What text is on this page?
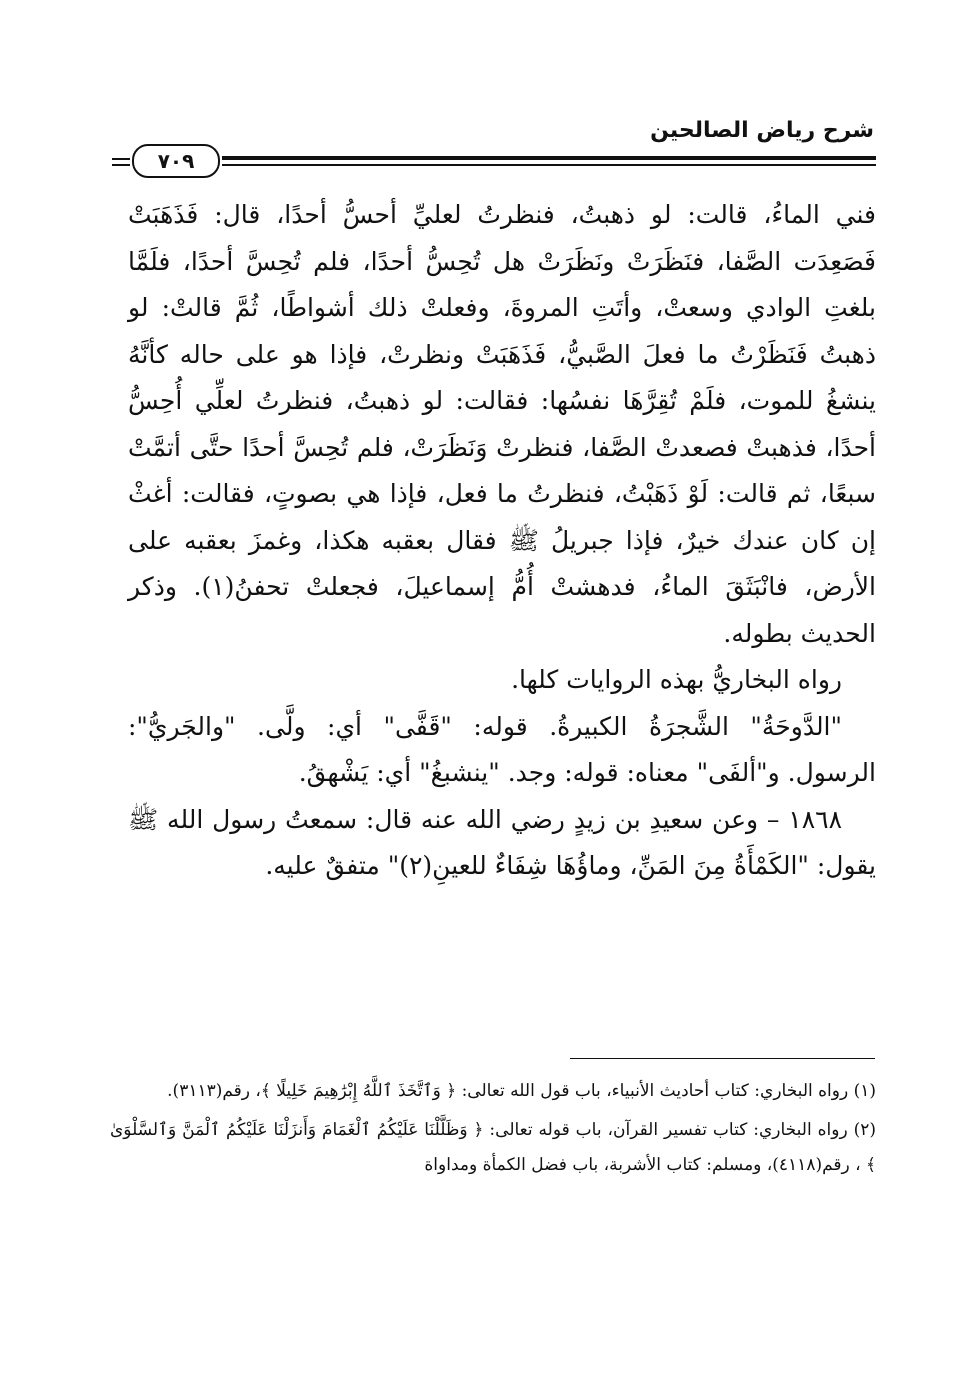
شرح رياض الصالحين
٧٠٩

فني الماءُ، قالت: لو ذهبتُ، فنظرتُ لعليِّ أحسُّ أحدًا، قال: فَذَهَبَتْ فَصَعِدَت الصَّفا، فنَظَرَتْ ونَظَرَتْ هل تُحِسُّ أحدًا، فلم تُحِسَّ أحدًا، فلَمَّا بلغتِ الوادي وسعتْ، وأتَتِ المروةَ، وفعلتْ ذلك أشواطًا، ثُمَّ قالتْ: لو ذهبتُ فَنَظَرْتُ ما فعلَ الصَّبيُّ، فَذَهَبَتْ ونظرتْ، فإذا هو على حاله كأنَّهُ ينشغُ للموت، فلَمْ تُقِرَّهَا نفسُها: فقالت: لو ذهبتُ، فنظرتُ لعلِّي أُحِسُّ أحدًا، فذهبتْ فصعدتْ الصَّفا، فنظرتْ وَنَظَرَتْ، فلم تُحِسَّ أحدًا حتَّى أتمَّتْ سبعًا، ثم قالت: لَوْ ذَهَبْتُ، فنظرتُ ما فعل، فإذا هي بصوتٍ، فقالت: أغثْ إن كان عندك خيرٌ، فإذا جبريلُ ﷺ فقال بعقبه هكذا، وغمزَ بعقبه على الأرض، فانْبَثَقَ الماءُ، فدهشتْ أُمُّ إسماعيلَ، فجعلتْ تحفنُ(١). وذكر الحديث بطوله.

رواه البخاريُّ بهذه الروايات كلها.

"الدَّوحَةُ" الشَّجرَةُ الكبيرةُ. قوله: "قَفَّى" أي: ولَّى. "والجَريُّ": الرسول. و"ألفَى" معناه: قوله: وجد. "ينشبغُ" أي: يَشْهقُ.

١٨٦٨ – وعن سعيدِ بن زيدٍ رضي الله عنه قال: سمعتُ رسول الله ﷺ يقول: "الكَمْأَةُ مِنَ المَنِّ، وماؤُهَا شِفَاءٌ للعينِ(٢)" متفقٌ عليه.

(١) رواه البخاري: كتاب أحاديث الأنبياء، باب قول الله تعالى: ﴿ وَٱتَّخَذَ ٱللَّهُ إِبْرَٰهِيمَ خَلِيلًا ﴾، رقم(٣١١٣).

(٢) رواه البخاري: كتاب تفسير القرآن، باب قوله تعالى: ﴿ وَظَلَّلْنَا عَلَيْكُمُ ٱلْغَمَامَ وَأَنزَلْنَا عَلَيْكُمُ ٱلْمَنَّ وَٱلسَّلْوَىٰ ﴾ ، رقم(٤١١٨)، ومسلم: كتاب الأشربة، باب فضل الكمأة ومداواة
